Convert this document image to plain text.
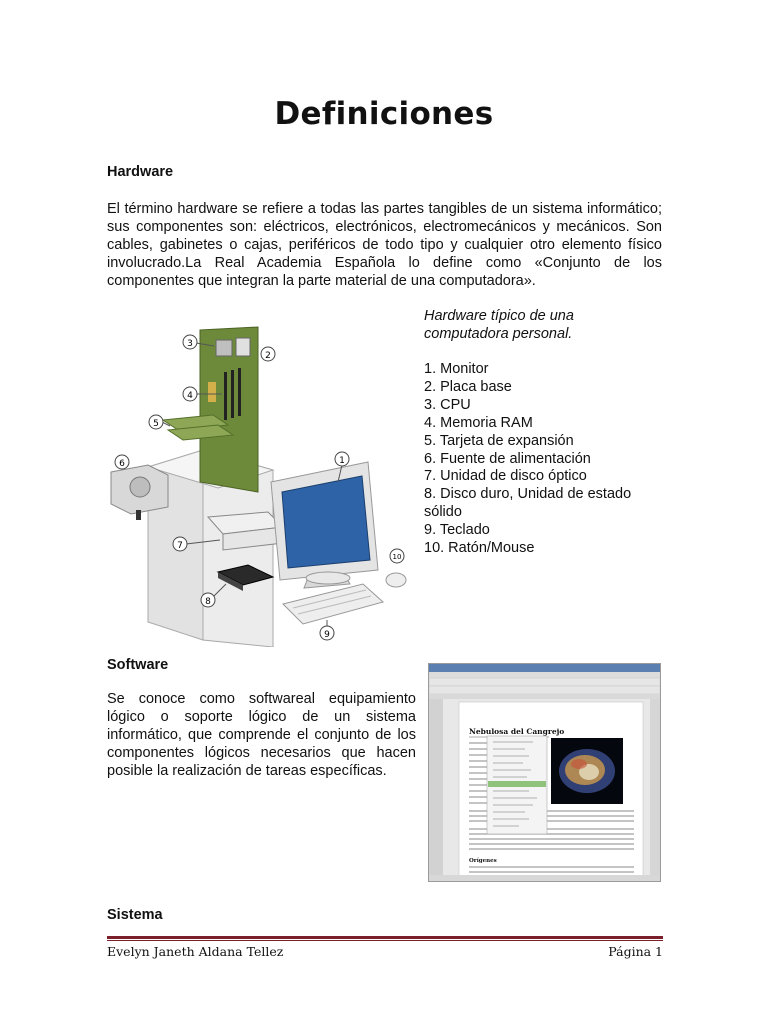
Definiciones
Hardware
El término hardware se refiere a todas las partes tangibles de un sistema informático; sus componentes son: eléctricos, electrónicos, electromecánicos y mecánicos. Son cables, gabinetes o cajas, periféricos de todo tipo y cualquier otro elemento físico involucrado.La Real Academia Española lo define como «Conjunto de los componentes que integran la parte material de una computadora».
1
2
3
4
5
6
7
8
9
10
Hardware típico de una computadora personal.
1. Monitor
2. Placa base
3. CPU
4. Memoria RAM
5. Tarjeta de expansión
6. Fuente de alimentación
7. Unidad de disco óptico
8. Disco duro, Unidad de estado sólido
9. Teclado
10. Ratón/Mouse
Software
Se conoce como softwareal equipamiento lógico o soporte lógico de un sistema informático, que comprende el conjunto de los componentes lógicos necesarios que hacen posible la realización de tareas específicas.
Nebulosa del Cangrejo
Orígenes
Sistema
Evelyn Janeth Aldana Tellez	Página 1
